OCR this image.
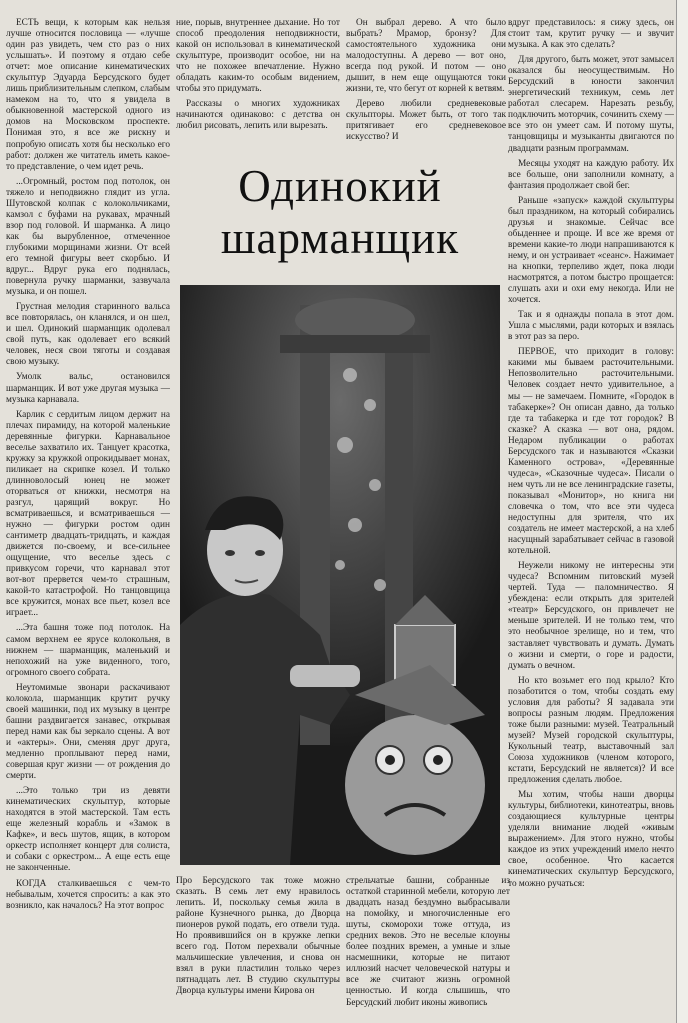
ЕСТЬ вещи, к которым как нельзя лучше относится пословица — «лучше один раз увидеть, чем сто раз о них услышать». И поэтому я отдаю себе отчет: мое описание кинематических скульптур Эдуарда Берсудского будет лишь приблизительным слепком, слабым намеком на то, что я увидела в обыкновенной мастерской одного из домов на Московском проспекте. Понимая это, я все же рискну и попробую описать хотя бы несколько его работ: должен же читатель иметь какое-то представление, о чем идет речь.

...Огромный, ростом под потолок, он тяжело и неподвижно глядит из угла. Шутовской колпак с колокольчиками, камзол с буфами на рукавах, мрачный взор под головой. И шарманка. А лицо как бы вырубленное, отмеченное глубокими морщинами жизни. От всей его темной фигуры веет скорбью. И вдруг... Вдруг рука его поднялась, повернула ручку шарманки, зазвучала музыка, и он пошел.

Грустная мелодия старинного вальса все повторялась, он кланялся, и он шел, и шел. Одинокий шарманщик одолевал свой путь, как одолевает его всякий человек, неся свои тяготы и создавая свою музыку.

Умолк вальс, остановился шарманщик. И вот уже другая музыка — музыка карнавала.

Карлик с сердитым лицом держит на плечах пирамиду, на которой маленькие деревянные фигурки. Карнавальное веселье захватило их. Танцует красотка, кружку за кружкой опрокидывает монах, пиликает на скрипке козел. И только длинноволосый юнец не может оторваться от книжки, несмотря на разгул, царящий вокруг. Но всматриваешься, и всматриваешься — нужно — фигурки ростом один сантиметр двадцать-тридцать, и каждая движется по-своему, и все-сильнее ощущение, что веселье здесь с привкусом горечи, что карнавал этот вот-вот прервется чем-то страшным, какой-то катастрофой. Но танцовщица все кружится, монах все пьет, козел все играет...

...Эта башня тоже под потолок. На самом верхнем ее ярусе колокольня, в нижнем — шарманщик, маленький и непохожий на уже виденного, того, огромного своего собрата.

Неутомимые звонари раскачивают колокола, шарманщик крутит ручку своей машинки, под их музыку в центре башни раздвигается занавес, открывая перед нами как бы зеркало сцены. А вот и «актеры». Они, сменяя друг друга, медленно проплывают перед нами, совершая круг жизни — от рождения до смерти.

...Это только три из девяти кинематических скульптур, которые находятся в этой мастерской. Там есть еще железный корабль и «Замок в Кафке», и весь шутов, ящик, в котором оркестр исполняет концерт для солиста, и собаки с оркестром... А еще есть еще не законченные.

КОГДА сталкиваешься с чем-то небывалым, хочется спросить: а как это возникло, как началось? На этот вопрос

ние, порыв, внутреннее дыхание. Но тот способ преодоления неподвижности, какой он использовал в кинематической скульптуре, производит особое, ни на что не похожее впечатление. Нужно обладать каким-то особым видением, чтобы это придумать.

Рассказы о многих художниках начинаются одинаково: с детства он любил рисовать, лепить или вырезать.

Он выбрал дерево. А что было выбрать? Мрамор, бронзу? Для самостоятельного художника они малодоступны. А дерево — вот оно, всегда под рукой. И потом — оно дышит, в нем еще ощущаются токи жизни, те, что бегут от корней к ветвям.

Дерево любили средневековые скульпторы. Может быть, от того так притягивает его средневековое искусство? И

Одинокий
шарманщик

Про Берсудского так тоже можно сказать. В семь лет ему нравилось лепить. И, поскольку семья жила в районе Кузнечного рынка, до Дворца пионеров рукой подать, его отвели туда. Но проявившийся он в кружке лепки всего год. Потом перехвали обычные мальчишеские увлечения, и снова он взял в руки пластилин только через пятнадцать лет. В студию скульптуры Дворца культуры имени Кирова он

стрельчатые башни, собранные из остаткой старинной мебели, которую лет двадцать назад бездумно выбрасывали на помойку, и многочисленные его шуты, скоморохи тоже оттуда, из средних веков. Это не веселые клоуны более поздних времен, а умные и злые насмешники, которые не питают иллюзий насчет человеческой натуры и все же считают жизнь огромной ценностью. И когда слышишь, что Берсудский любит иконы живопись

вдруг представилось: я сижу здесь, он стоит там, крутит ручку — и звучит музыка. А как это сделать?

Для другого, быть может, этот замысел оказался бы неосуществимым. Но Берсудский в юности закончил энергетический техникум, семь лет работал слесарем. Нарезать резьбу, подключить моторчик, сочинить схему — все это он умеет сам. И потому шуты, танцовщицы и музыканты двигаются по двадцати разным программам.

Месяцы уходят на каждую работу. Их все больше, они заполнили комнату, а фантазия продолжает свой бег.

Раньше «запуск» каждой скульптуры был праздником, на который собирались друзья и знакомые. Сейчас все обыденнее и проще. И все же время от времени какие-то люди напрашиваются к нему, и он устраивает «сеанс». Нажимает на кнопки, терпеливо ждет, пока люди насмотрятся, а потом быстро прощается: слушать ахи и охи ему некогда. Или не хочется.

Так и я однажды попала в этот дом. Ушла с мыслями, ради которых и взялась в этот раз за перо.

ПЕРВОЕ, что приходит в голову: какими мы бываем расточительными. Непозволительно расточительными. Человек создает нечто удивительное, а мы — не замечаем. Помните, «Городок в табакерке»? Он описан давно, да только где та табакерка и где тот городок? В сказке? А сказка — вот она, рядом. Недаром публикации о работах Берсудского так и называются «Сказки Каменного острова», «Деревянные чудеса», «Сказочные чудеса». Писали о нем чуть ли не все ленинградские газеты, показывал «Монитор», но книга ни словечка о том, что все эти чудеса недоступны для зрителя, что их создатель не имеет мастерской, а на хлеб насущный зарабатывает сейчас в газовой котельной.

Неужели никому не интересны эти чудеса? Вспомним питовский музей чертей. Туда — паломничество. Я убеждена: если открыть для зрителей «театр» Берсудского, он привлечет не меньше зрителей. И не только тем, что это необычное зрелище, но и тем, что заставляет чувствовать и думать. Думать о жизни и смерти, о горе и радости, думать о вечном.

Но кто возьмет его под крыло? Кто позаботится о том, чтобы создать ему условия для работы? Я задавала эти вопросы разным людям. Предложения тоже были разными: музей. Театральный музей? Музей городской скульптуры, Кукольный театр, выставочный зал Союза художников (членом которого, кстати, Берсудский не является)? И все предложения сделать любое.

Мы хотим, чтобы наши дворцы культуры, библиотеки, кинотеатры, вновь создающиеся культурные центры уделяли внимание людей «живым выражением». Для этого нужно, чтобы каждое из этих учреждений имело нечто свое, особенное. Что касается кинематических скульптур Берсудского, то можно ручаться:
